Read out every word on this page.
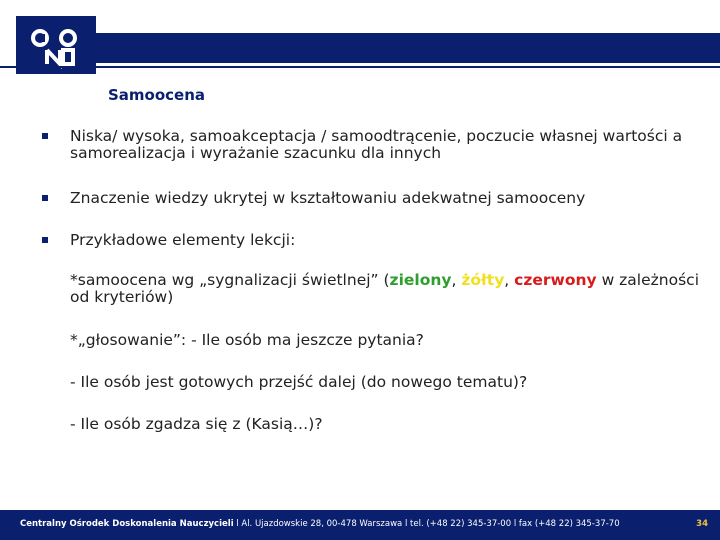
Samoocena
Niska/ wysoka, samoakceptacja / samoodtrącenie, poczucie własnej wartości a samorealizacja i wyrażanie szacunku dla innych
Znaczenie wiedzy ukrytej w kształtowaniu adekwatnej samooceny
Przykładowe elementy lekcji:
*samoocena wg „sygnalizacji świetlnej” (zielony, żółty, czerwony w zależności od kryteriów)
*„głosowanie”: - Ile osób ma jeszcze pytania?
- Ile osób jest gotowych przejść dalej (do nowego tematu)?
- Ile osób zgadza się z (Kasią…)?
Centralny Ośrodek Doskonalenia Nauczycieli l Al. Ujazdowskie 28, 00-478 Warszawa l tel. (+48 22) 345-37-00 l fax (+48 22) 345-37-70	34
